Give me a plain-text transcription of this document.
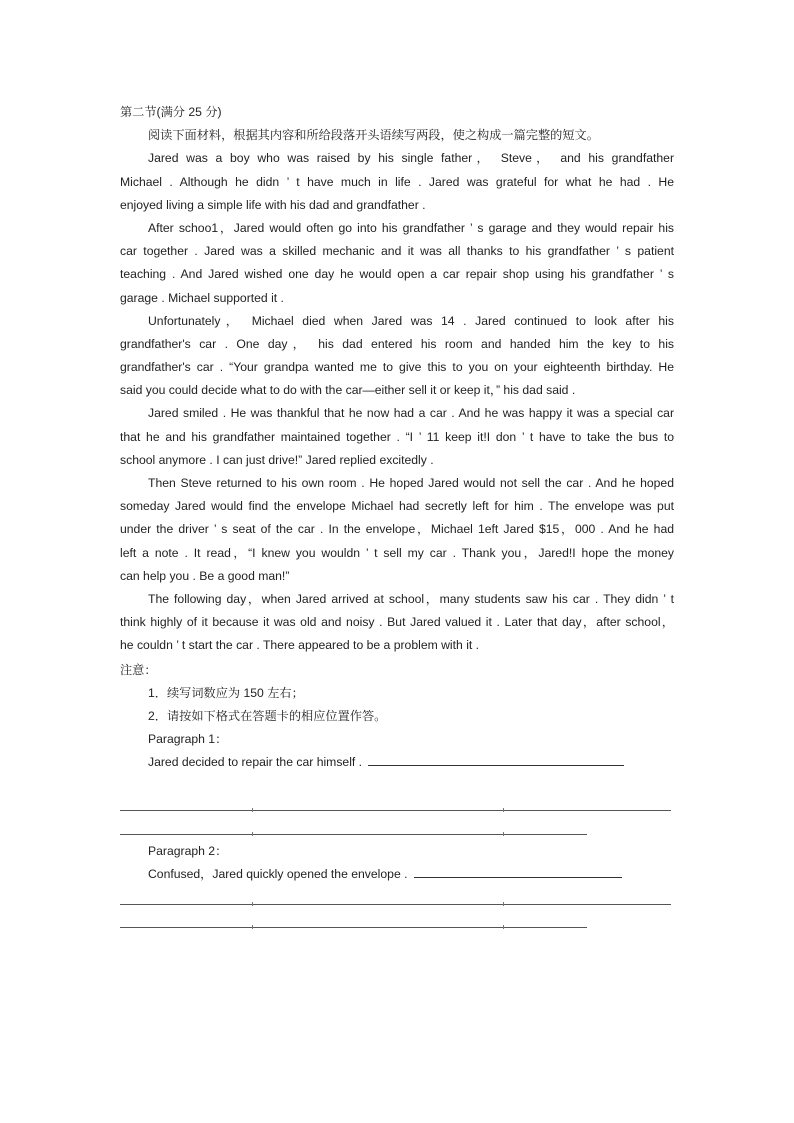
第二节(满分 25 分)
阅读下面材料，根据其内容和所给段落开头语续写两段，使之构成一篇完整的短文。
Jared was a boy who was raised by his single father， Steve， and his grandfather
Michael . Although he didn ’ t have much in life . Jared was grateful for what he had . He
enjoyed living a simple life with his dad and grandfather .
After schoo1，Jared would often go into his grandfather ’ s garage and they would repair his
car together . Jared was a skilled mechanic and it was all thanks to his grandfather ’ s patient
teaching . And Jared wished one day he would open a car repair shop using his grandfather ’ s
garage . Michael supported it .
Unfortunately， Michael died when Jared was 14 . Jared continued to look after his
grandfather's car . One day， his dad entered his room and handed him the key to his
grandfather's car . “Your grandpa wanted me to give this to you on your eighteenth birthday. He
said you could decide what to do with the car—either sell it or keep it，” his dad said .
Jared smiled . He was thankful that he now had a car . And he was happy it was a special car
that he and his grandfather maintained together . “I ’ 11 keep it!I don ’ t have to take the bus to
school anymore . I can just drive!” Jared replied excitedly .
Then Steve returned to his own room . He hoped Jared would not sell the car . And he hoped
someday Jared would find the envelope Michael had secretly left for him . The envelope was put
under the driver ’ s seat of the car . In the envelope，Michael 1eft Jared $15，000 . And he had
left a note . It read，“I knew you wouldn ’ t sell my car . Thank you，Jared!I hope the money
can help you . Be a good man!”
The following day，when Jared arrived at school，many students saw his car . They didn ’ t
think highly of it because it was old and noisy . But Jared valued it . Later that day，after school，
he couldn ’ t start the car . There appeared to be a problem with it .
注意：
1．续写词数应为 150 左右；
2．请按如下格式在答题卡的相应位置作答。
Paragraph 1：
Jared decided to repair the car himself .
Paragraph 2：
Confused，Jared quickly opened the envelope .
